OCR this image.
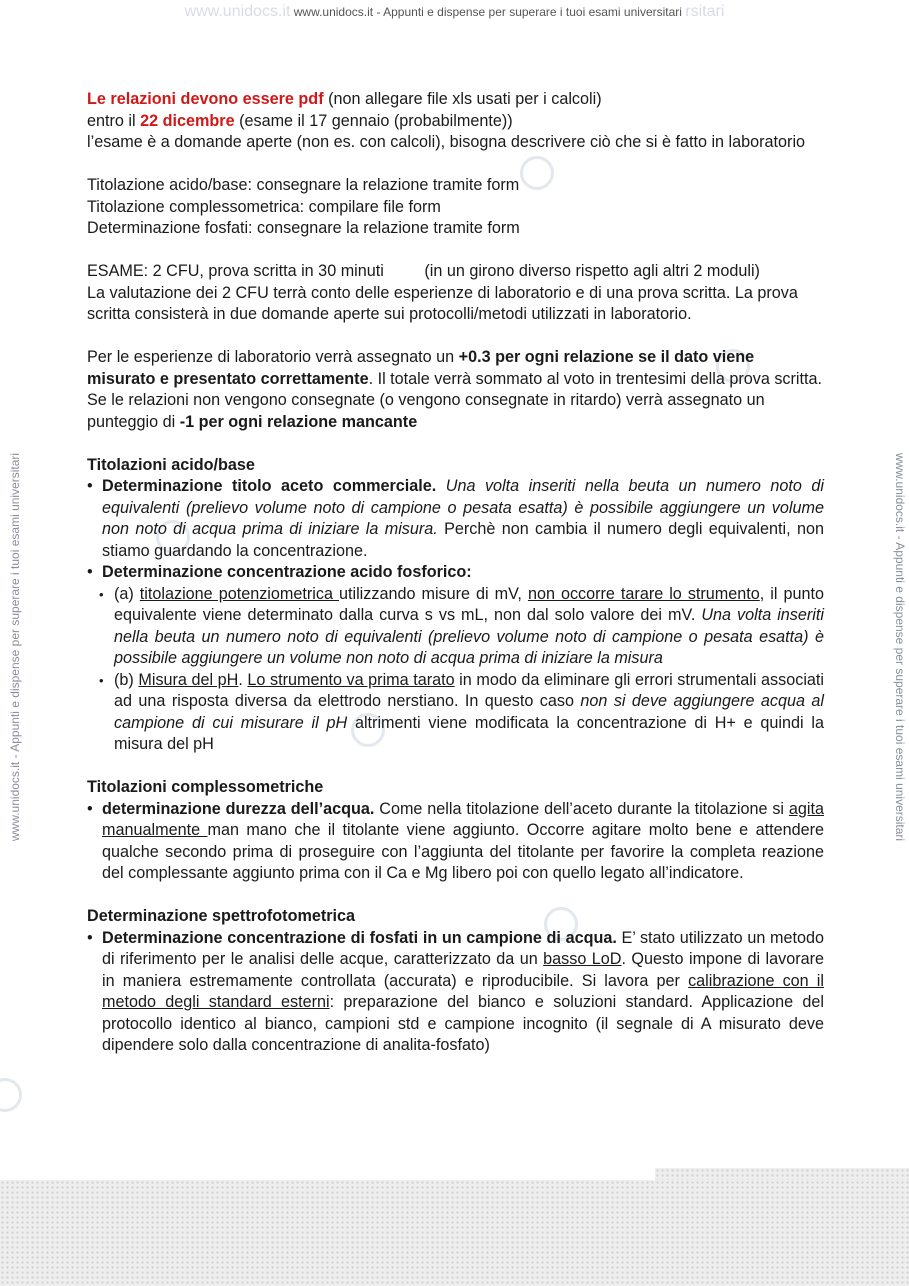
www.unidocs.it www.unidocs.it - Appunti e dispense per superare i tuoi esami universitari rsitari
www.unidocs.it - Appunti e dispense per superare i tuoi esami universitari	www.unidocs.it - Appunti e dispense per superare i tuoi esami universitari

Le relazioni devono essere pdf (non allegare file xls usati per i calcoli)

entro il 22 dicembre (esame il 17 gennaio (probabilmente))

l’esame è a domande aperte (non es. con calcoli), bisogna descrivere ciò che si è fatto in laboratorio

Titolazione acido/base: consegnare la relazione tramite form

Titolazione complessometrica: compilare file form

Determinazione fosfati: consegnare la relazione tramite form

ESAME: 2 CFU, prova scritta in 30 minuti         (in un girono diverso rispetto agli altri 2 moduli)

La valutazione dei 2 CFU terrà conto delle esperienze di laboratorio e di una prova scritta. La prova scritta consisterà in due domande aperte sui protocolli/metodi utilizzati in laboratorio.

Per le esperienze di laboratorio verrà assegnato un +0.3 per ogni relazione se il dato viene misurato e presentato correttamente. Il totale verrà sommato al voto in trentesimi della prova scritta. Se le relazioni non vengono consegnate (o vengono consegnate in ritardo) verrà assegnato un punteggio di -1 per ogni relazione mancante

Titolazioni acido/base

• Determinazione titolo aceto commerciale. Una volta inseriti nella beuta un numero noto di equivalenti (prelievo volume noto di campione o pesata esatta) è possibile aggiungere un volume non noto di acqua prima di iniziare la misura. Perchè non cambia il numero degli equivalenti, non stiamo guardando la concentrazione.
• Determinazione concentrazione acido fosforico:
• (a) titolazione potenziometrica utilizzando misure di mV, non occorre tarare lo strumento, il punto equivalente viene determinato dalla curva s vs mL, non dal solo valore dei mV. Una volta inseriti nella beuta un numero noto di equivalenti (prelievo volume noto di campione o pesata esatta) è possibile aggiungere un volume non noto di acqua prima di iniziare la misura
• (b) Misura del pH. Lo strumento va prima tarato in modo da eliminare gli errori strumentali associati ad una risposta diversa da elettrodo nerstiano. In questo caso non si deve aggiungere acqua al campione di cui misurare il pH altrimenti viene modificata la concentrazione di H+ e quindi la misura del pH

Titolazioni complessometriche

• determinazione durezza dell’acqua. Come nella titolazione dell’aceto durante la titolazione si agita manualmente man mano che il titolante viene aggiunto. Occorre agitare molto bene e attendere qualche secondo prima di proseguire con l’aggiunta del titolante per favorire la completa reazione del complessante aggiunto prima con il Ca e Mg libero poi con quello legato all’indicatore.

Determinazione spettrofotometrica

• Determinazione concentrazione di fosfati in un campione di acqua. E’ stato utilizzato un metodo di riferimento per le analisi delle acque, caratterizzato da un basso LoD. Questo impone di lavorare in maniera estremamente controllata (accurata) e riproducibile. Si lavora per calibrazione con il metodo degli standard esterni: preparazione del bianco e soluzioni standard. Applicazione del protocollo identico al bianco, campioni std e campione incognito (il segnale di A misurato deve dipendere solo dalla concentrazione di analita-fosfato)
